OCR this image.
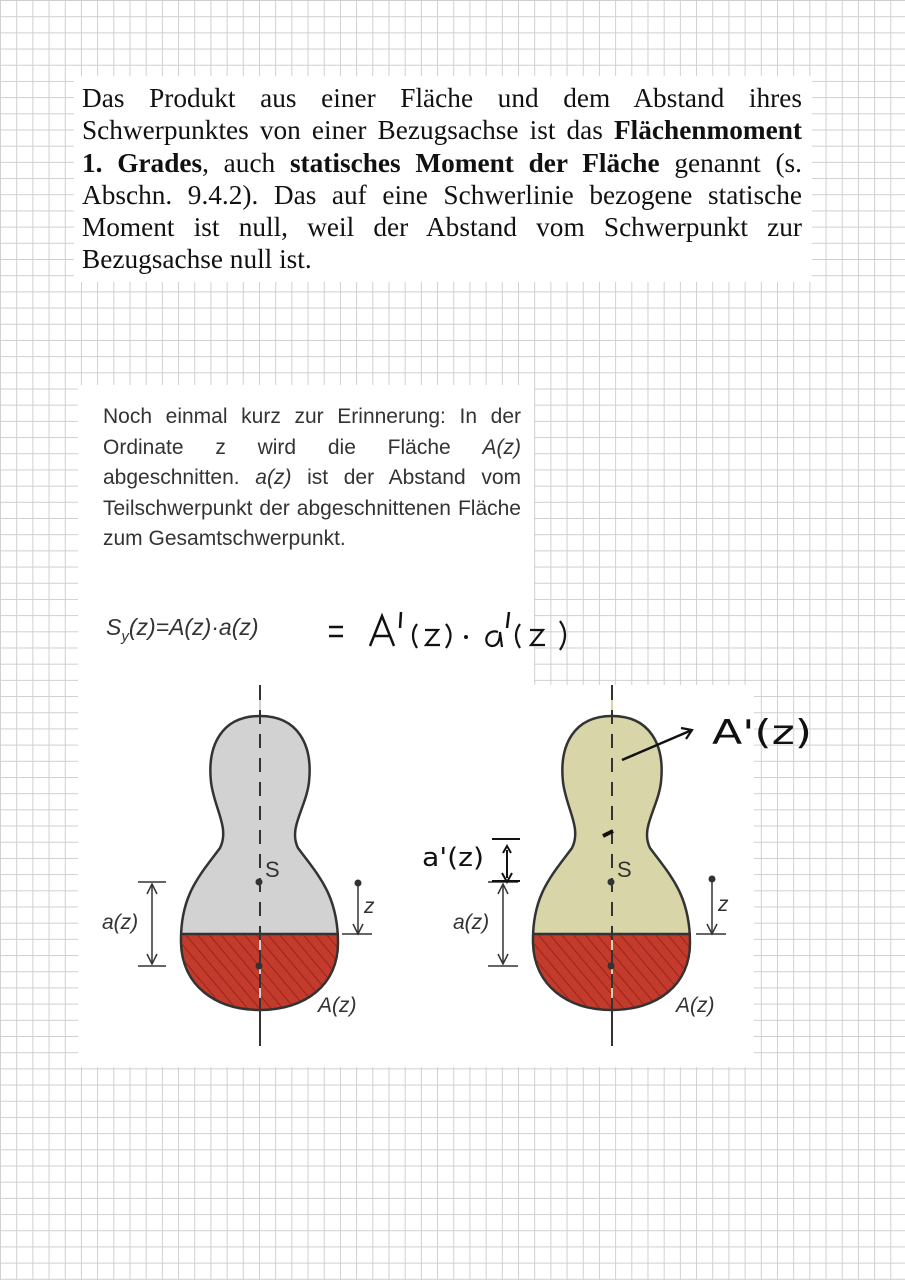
Das Produkt aus einer Fläche und dem Abstand ihres Schwerpunktes von einer Bezugsachse ist das Flächenmoment 1. Grades, auch statisches Moment der Fläche genannt (s. Abschn. 9.4.2). Das auf eine Schwerlinie bezogene statische Moment ist null, weil der Abstand vom Schwerpunkt zur Bezugsachse null ist.

Noch einmal kurz zur Erinnerung: In der Ordinate z wird die Fläche A(z) abgeschnitten. a(z) ist der Abstand vom Teilschwerpunkt der abgeschnittenen Fläche zum Gesamtschwerpunkt.

$S_y(z)=A(z)\cdot a(z)$
S
a(z)
z
A(z)
S
a(z)
z
A(z)
A'(z)
a'(z)
